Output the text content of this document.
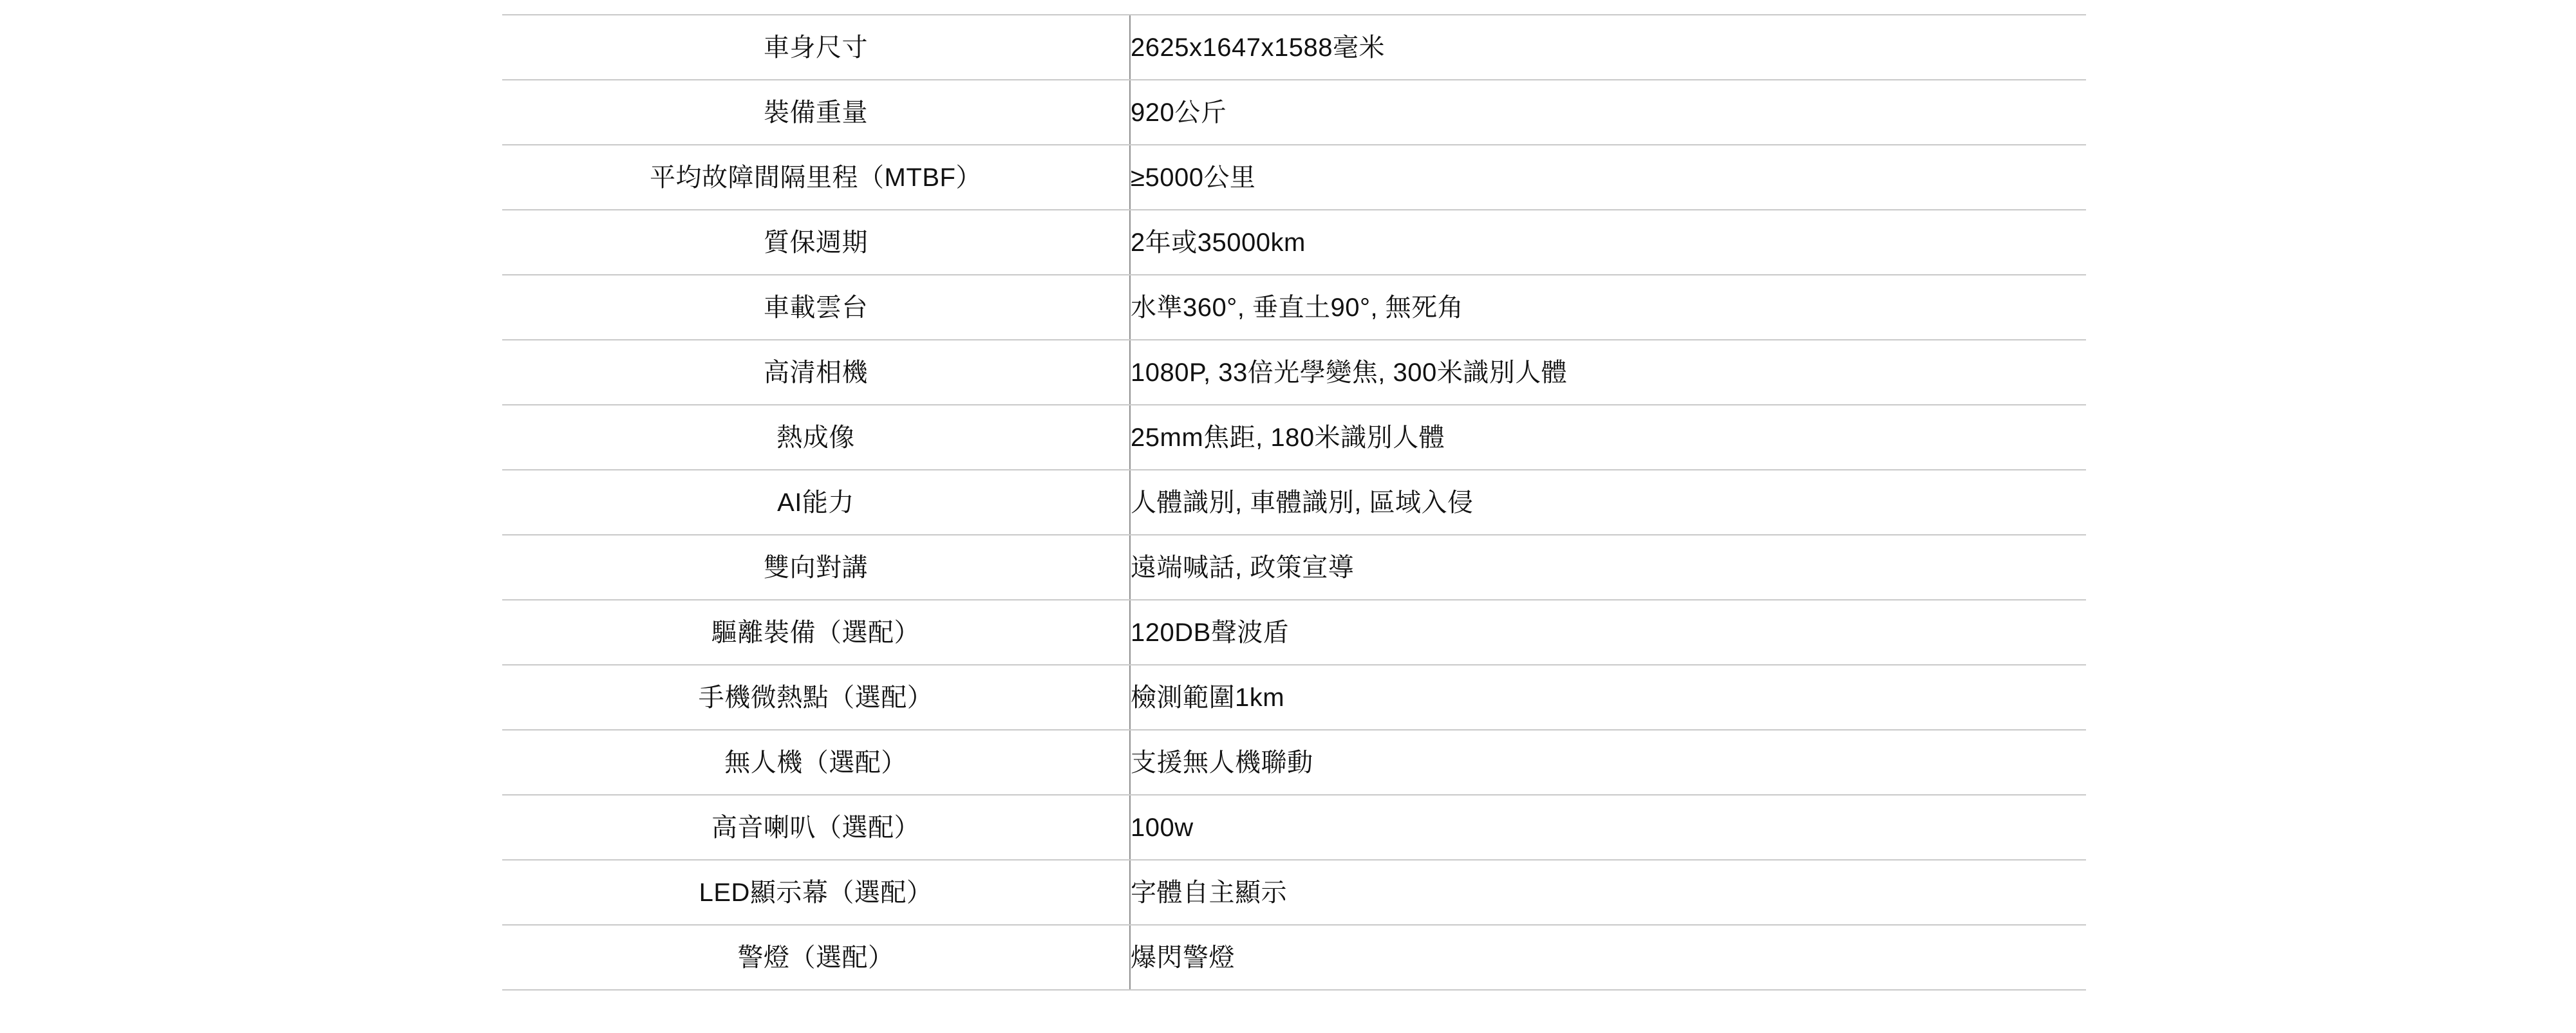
車身尺寸	2625x1647x1588毫米
裝備重量	920公斤
平均故障間隔里程（MTBF）	≥5000公里
質保週期	2年或35000km
車載雲台	水準360°, 垂直土90°, 無死角
高清相機	1080P, 33倍光學變焦, 300米識別人體
熱成像	25mm焦距, 180米識別人體
AI能力	人體識別, 車體識別, 區域入侵
雙向對講	遠端喊話, 政策宣導
驅離裝備（選配）	120DB聲波盾
手機微熱點（選配）	檢測範圍1km
無人機（選配）	支援無人機聯動
高音喇叭（選配）	100w
LED顯示幕（選配）	字體自主顯示
警燈（選配）	爆閃警燈
